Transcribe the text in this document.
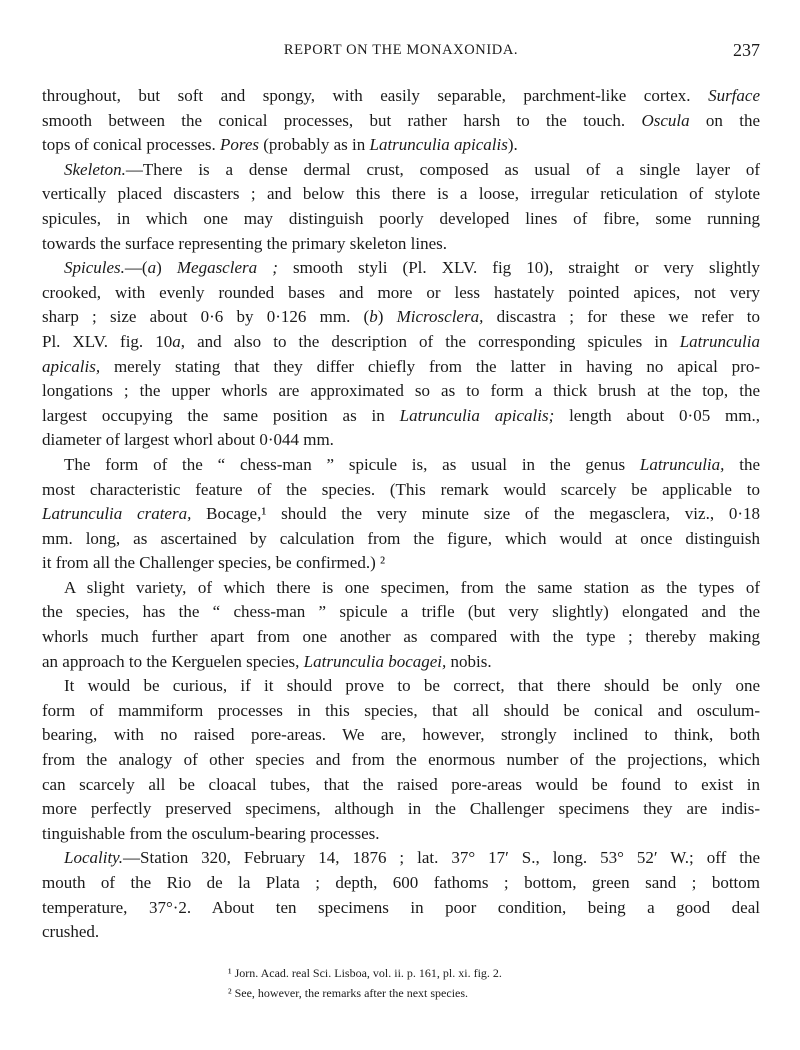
REPORT ON THE MONAXONIDA.	237
throughout, but soft and spongy, with easily separable, parchment-like cortex. Surface
smooth between the conical processes, but rather harsh to the touch. Oscula on the
tops of conical processes. Pores (probably as in Latrunculia apicalis).
Skeleton.—There is a dense dermal crust, composed as usual of a single layer of
vertically placed discasters ; and below this there is a loose, irregular reticulation of stylote
spicules, in which one may distinguish poorly developed lines of fibre, some running
towards the surface representing the primary skeleton lines.
Spicules.—(a) Megasclera ; smooth styli (Pl. XLV. fig 10), straight or very slightly
crooked, with evenly rounded bases and more or less hastately pointed apices, not very
sharp ; size about 0·6 by 0·126 mm. (b) Microsclera, discastra ; for these we refer to
Pl. XLV. fig. 10a, and also to the description of the corresponding spicules in Latrunculia
apicalis, merely stating that they differ chiefly from the latter in having no apical pro-
longations ; the upper whorls are approximated so as to form a thick brush at the top, the
largest occupying the same position as in Latrunculia apicalis; length about 0·05 mm.,
diameter of largest whorl about 0·044 mm.
The form of the “ chess-man ” spicule is, as usual in the genus Latrunculia, the
most characteristic feature of the species. (This remark would scarcely be applicable to
Latrunculia cratera, Bocage,¹ should the very minute size of the megasclera, viz., 0·18
mm. long, as ascertained by calculation from the figure, which would at once distinguish
it from all the Challenger species, be confirmed.) ²
A slight variety, of which there is one specimen, from the same station as the types of
the species, has the “ chess-man ” spicule a trifle (but very slightly) elongated and the
whorls much further apart from one another as compared with the type ; thereby making
an approach to the Kerguelen species, Latrunculia bocagei, nobis.
It would be curious, if it should prove to be correct, that there should be only one
form of mammiform processes in this species, that all should be conical and osculum-
bearing, with no raised pore-areas. We are, however, strongly inclined to think, both
from the analogy of other species and from the enormous number of the projections, which
can scarcely all be cloacal tubes, that the raised pore-areas would be found to exist in
more perfectly preserved specimens, although in the Challenger specimens they are indis-
tinguishable from the osculum-bearing processes.
Locality.—Station 320, February 14, 1876 ; lat. 37° 17′ S., long. 53° 52′ W.; off the
mouth of the Rio de la Plata ; depth, 600 fathoms ; bottom, green sand ; bottom
temperature, 37°·2. About ten specimens in poor condition, being a good deal
crushed.
¹ Jorn. Acad. real Sci. Lisboa, vol. ii. p. 161, pl. xi. fig. 2.
² See, however, the remarks after the next species.
